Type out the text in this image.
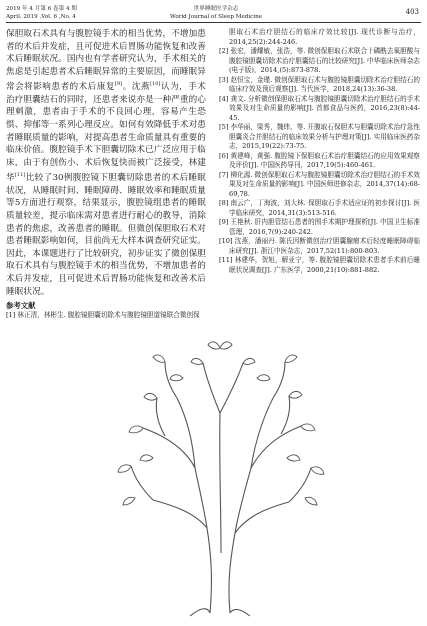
2019 年 4 月第 6 卷第 4 期
April. 2019 ,Vol. 6 ,No. 4
世界睡眠医学杂志
World Journal of Sleep Medicine
403

保胆取石术具有与腹腔镜手术的相当优势，不增加患者的术后并发症，且可促进术后胃肠功能恢复和改善术后睡眠状况。国内也有学者研究认为，手术相关的焦虑是引起患者术后睡眠异常的主要原因，而睡眠异常会将影响患者的术后康复[9]。沈燕[10]认为，手术治疗胆囊结石的同时，还患者来说亦是一种严重的心理刺激，患者由于手术的不良回心理，容易产生恐惧、抑郁等一系列心理反应。如何有效降低手术对患者睡眠质量的影响，对提高患者生命质量具有重要的临床价值。腹腔镜手术下胆囊切除术已广泛应用于临床，由于有创伤小、术后恢复快而被广泛接受，林建华[11]比较了30例腹腔镜下胆囊切除患者的术后睡眠状况，从睡眠时间、睡眠障碍、睡眠效率和睡眠质量等5方面进行观察，结果显示，腹腔镜组患者的睡眠质量较差，提示临床需对患者进行耐心的教导，消除患者的焦虑，改善患者的睡眠。但微创保胆取石术对患者睡眠影响如何，目前尚无大样本调查研究证实。因此，本课题进行了比较研究，初步证实了微创保胆取石术具有与腹腔镜手术的相当优势，不增加患者的术后并发症，且可促进术后胃肠功能恢复和改善术后睡眠状况。

参考文献

[1] 林正清，林彬生. 腹腔镜胆囊切除术与腹腔镜胆道镜联合微创保

胆取石术治疗胆结石的临床疗效比较[J]. 现代诊断与治疗，2014,25(2):244-246.

[2] 张宏，潘耀敏，张浩，等. 微创保胆取石术联合十磷酰去氧胆酸与腹腔镜胆囊切除术治疗胆囊结石的比较研究[J]. 中华临床医师杂志(电子版)，2014,(5):873-878.

[3] 赵恒宝，金瑾. 微创保胆取石术与腹腔镜胆囊切除术治疗胆结石的临床疗效及预后观察[J]. 当代医学，2018,24(13):36-38.

[4] 龚文. 分析微创保胆取石术与腹腔镜胆囊切除术治疗胆结石的手术效果及对生命质量的影响[J]. 首都食品与医药，2016,23(8):44-45.

[5] 李华丽，梁秀，魏炜，等. 开腹取石保胆术与胆囊切除术治疗急性胆囊炎合并胆结石的临床效果分析与护理对策[J]. 实用临床医药杂志，2015,19(22):73-75.

[6] 黄建峰，黄强. 腹腔镜下保胆取石术治疗胆囊结石的应用效果观察及评价[J]. 中国医药导刊，2017,19(5):460-461.

[7] 柳化源. 微创保胆取石术与腹腔镜胆囊切除术治疗胆结石的手术效果及对生命质量的影响[J]. 中国医师进修杂志，2014,37(14):68-69,78.

[8] 南云广，丁海波，刘大林. 保胆取石手术适应证的初步探讨[J]. 医学临床研究，2014,31(3):513-516.

[9] 王艳秋. 肝内胆管结石患者的围手术期护理探析[J]. 中国卫生标准管理，2016,7(9):240-242.

[10] 沈燕，潘丽丹. 陈氏因断微创治疗胆囊腺瘤术后轻度睡眠障碍临床研究[J]. 浙江中医杂志，2017,52(11):800-803.

[11] 林建华，贺旭，解亚宁，等. 腹腔镜胆囊切除术患者手术前后睡眠状况调查[J]. 广东医学，2000,21(10):881-882.
